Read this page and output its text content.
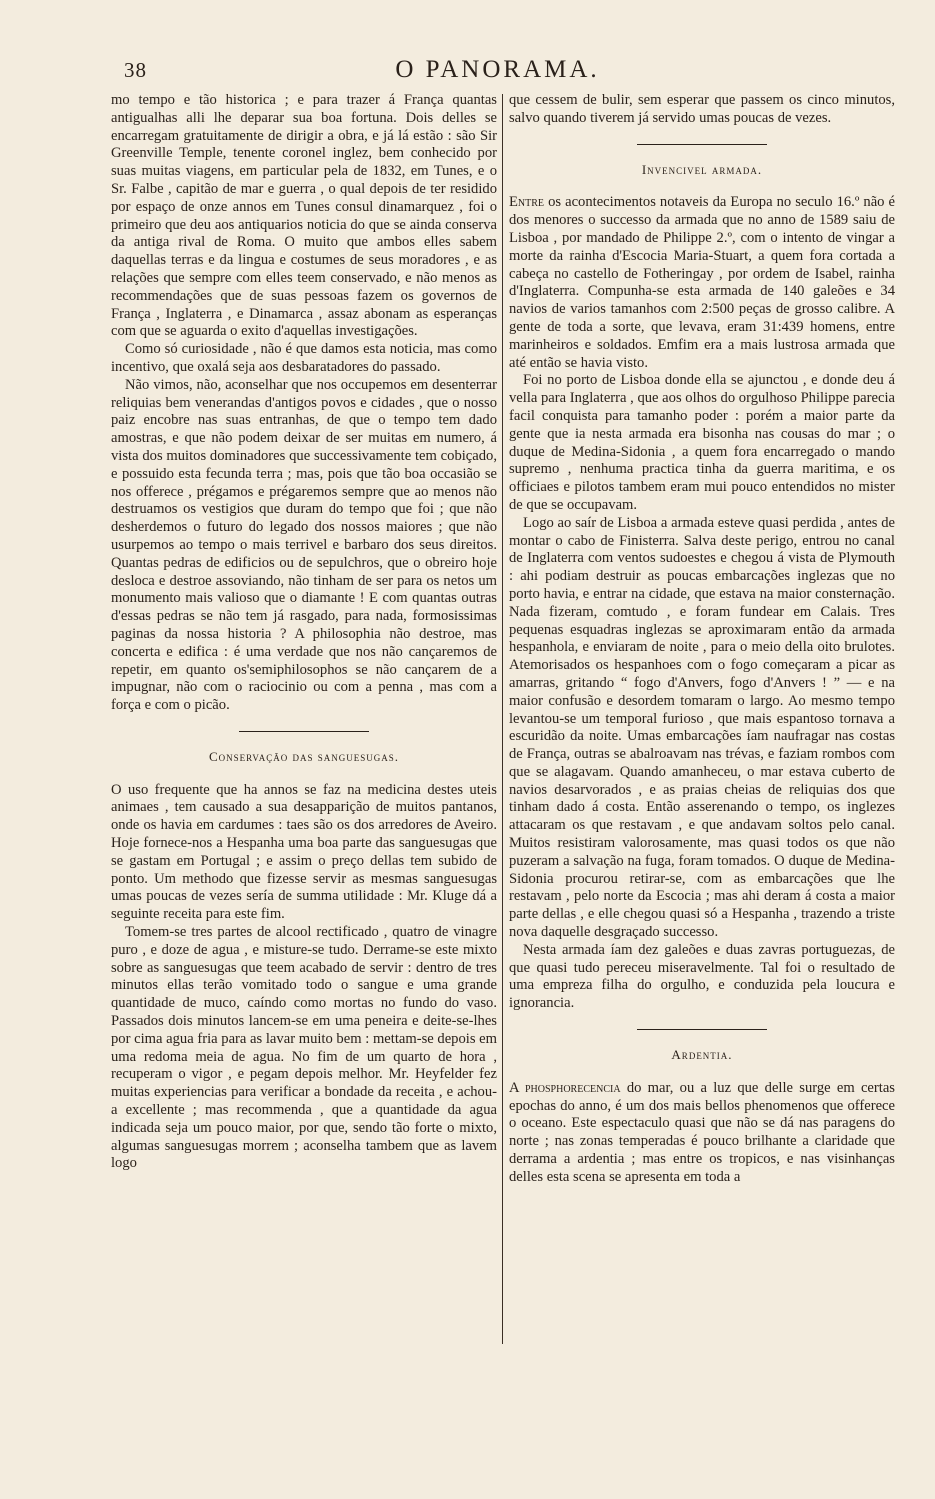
38	O PANORAMA.

mo tempo e tão historica ; e para trazer á França quantas antigualhas alli lhe deparar sua boa fortuna. Dois delles se encarregam gratuitamente de dirigir a obra, e já lá estão : são Sir Greenville Temple, tenente coronel inglez, bem conhecido por suas muitas viagens, em particular pela de 1832, em Tunes, e o Sr. Falbe , capitão de mar e guerra , o qual depois de ter residido por espaço de onze annos em Tunes consul dinamarquez , foi o primeiro que deu aos antiquarios noticia do que se ainda conserva da antiga rival de Roma. O muito que ambos elles sabem daquellas terras e da lingua e costumes de seus moradores , e as relações que sempre com elles teem conservado, e não menos as recommendações que de suas pessoas fazem os governos de França , Inglaterra , e Dinamarca , assaz abonam as esperanças com que se aguarda o exito d'aquellas investigações.

Como só curiosidade , não é que damos esta noticia, mas como incentivo, que oxalá seja aos desbaratadores do passado.

Não vimos, não, aconselhar que nos occupemos em desenterrar reliquias bem venerandas d'antigos povos e cidades , que o nosso paiz encobre nas suas entranhas, de que o tempo tem dado amostras, e que não podem deixar de ser muitas em numero, á vista dos muitos dominadores que successivamente tem cobiçado, e possuido esta fecunda terra ; mas, pois que tão boa occasião se nos offerece , prégamos e prégaremos sempre que ao menos não destruamos os vestigios que duram do tempo que foi ; que não desherdemos o futuro do legado dos nossos maiores ; que não usurpemos ao tempo o mais terrivel e barbaro dos seus direitos. Quantas pedras de edificios ou de sepulchros, que o obreiro hoje desloca e destroe assoviando, não tinham de ser para os netos um monumento mais valioso que o diamante ! E com quantas outras d'essas pedras se não tem já rasgado, para nada, formosissimas paginas da nossa historia ? A philosophia não destroe, mas concerta e edifica : é uma verdade que nos não cançaremos de repetir, em quanto os'semiphilosophos se não cançarem de a impugnar, não com o raciocinio ou com a penna , mas com a força e com o picão.

Conservação das sanguesugas.

O uso frequente que ha annos se faz na medicina destes uteis animaes , tem causado a sua desapparição de muitos pantanos, onde os havia em cardumes : taes são os dos arredores de Aveiro. Hoje fornece-nos a Hespanha uma boa parte das sanguesugas que se gastam em Portugal ; e assim o preço dellas tem subido de ponto. Um methodo que fizesse servir as mesmas sanguesugas umas poucas de vezes sería de summa utilidade : Mr. Kluge dá a seguinte receita para este fim.

Tomem-se tres partes de alcool rectificado , quatro de vinagre puro , e doze de agua , e misture-se tudo. Derrame-se este mixto sobre as sanguesugas que teem acabado de servir : dentro de tres minutos ellas terão vomitado todo o sangue e uma grande quantidade de muco, caíndo como mortas no fundo do vaso. Passados dois minutos lancem-se em uma peneira e deite-se-lhes por cima agua fria para as lavar muito bem : mettam-se depois em uma redoma meia de agua. No fim de um quarto de hora , recuperam o vigor , e pegam depois melhor. Mr. Heyfelder fez muitas experiencias para verificar a bondade da receita , e achou-a excellente ; mas recommenda , que a quantidade da agua indicada seja um pouco maior, por que, sendo tão forte o mixto, algumas sanguesugas morrem ; aconselha tambem que as lavem logo

que cessem de bulir, sem esperar que passem os cinco minutos, salvo quando tiverem já servido umas poucas de vezes.

Invencivel armada.

Entre os acontecimentos notaveis da Europa no seculo 16.º não é dos menores o successo da armada que no anno de 1589 saiu de Lisboa , por mandado de Philippe 2.º, com o intento de vingar a morte da rainha d'Escocia Maria-Stuart, a quem fora cortada a cabeça no castello de Fotheringay , por ordem de Isabel, rainha d'Inglaterra. Compunha-se esta armada de 140 galeões e 34 navios de varios tamanhos com 2:500 peças de grosso calibre. A gente de toda a sorte, que levava, eram 31:439 homens, entre marinheiros e soldados. Emfim era a mais lustrosa armada que até então se havia visto.

Foi no porto de Lisboa donde ella se ajunctou , e donde deu á vella para Inglaterra , que aos olhos do orgulhoso Philippe parecia facil conquista para tamanho poder : porém a maior parte da gente que ia nesta armada era bisonha nas cousas do mar ; o duque de Medina-Sidonia , a quem fora encarregado o mando supremo , nenhuma practica tinha da guerra maritima, e os officiaes e pilotos tambem eram mui pouco entendidos no mister de que se occupavam.

Logo ao saír de Lisboa a armada esteve quasi perdida , antes de montar o cabo de Finisterra. Salva deste perigo, entrou no canal de Inglaterra com ventos sudoestes e chegou á vista de Plymouth : ahi podiam destruir as poucas embarcações inglezas que no porto havia, e entrar na cidade, que estava na maior consternação. Nada fizeram, comtudo , e foram fundear em Calais. Tres pequenas esquadras inglezas se aproximaram então da armada hespanhola, e enviaram de noite , para o meio della oito brulotes. Atemorisados os hespanhoes com o fogo começaram a picar as amarras, gritando “ fogo d'Anvers, fogo d'Anvers ! ” — e na maior confusão e desordem tomaram o largo. Ao mesmo tempo levantou-se um temporal furioso , que mais espantoso tornava a escuridão da noite. Umas embarcações íam naufragar nas costas de França, outras se abalroavam nas trévas, e faziam rombos com que se alagavam. Quando amanheceu, o mar estava cuberto de navios desarvorados , e as praias cheias de reliquias dos que tinham dado á costa. Então asserenando o tempo, os inglezes attacaram os que restavam , e que andavam soltos pelo canal. Muitos resistiram valorosamente, mas quasi todos os que não puzeram a salvação na fuga, foram tomados. O duque de Medina-Sidonia procurou retirar-se, com as embarcações que lhe restavam , pelo norte da Escocia ; mas ahi deram á costa a maior parte dellas , e elle chegou quasi só a Hespanha , trazendo a triste nova daquelle desgraçado successo.

Nesta armada íam dez galeões e duas zavras portuguezas, de que quasi tudo pereceu miseravelmente. Tal foi o resultado de uma empreza filha do orgulho, e conduzida pela loucura e ignorancia.

Ardentia.

A phosphorecencia do mar, ou a luz que delle surge em certas epochas do anno, é um dos mais bellos phenomenos que offerece o oceano. Este espectaculo quasi que não se dá nas paragens do norte ; nas zonas temperadas é pouco brilhante a claridade que derrama a ardentia ; mas entre os tropicos, e nas visinhanças delles esta scena se apresenta em toda a
